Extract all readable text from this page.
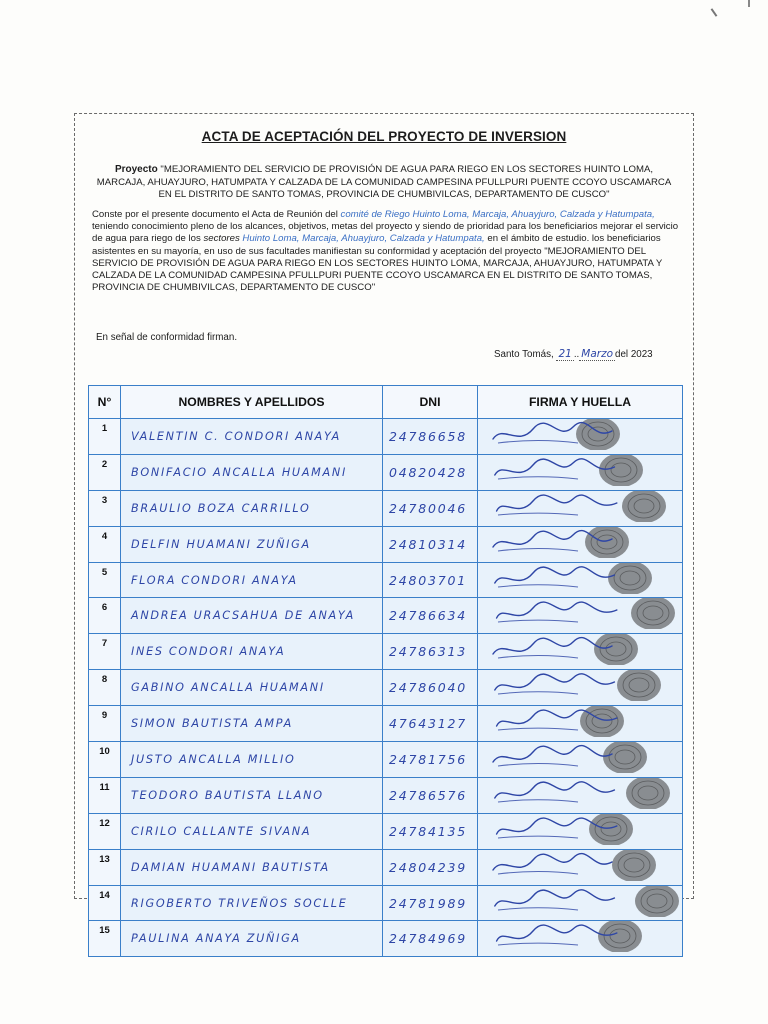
ACTA DE ACEPTACIÓN DEL PROYECTO DE INVERSION
Proyecto "MEJORAMIENTO DEL SERVICIO DE PROVISIÓN DE AGUA PARA RIEGO EN LOS SECTORES HUINTO LOMA, MARCAJA, AHUAYJURO, HATUMPATA Y CALZADA DE LA COMUNIDAD CAMPESINA PFULLPURI PUENTE CCOYO USCAMARCA EN EL DISTRITO DE SANTO TOMAS, PROVINCIA DE CHUMBIVILCAS, DEPARTAMENTO DE CUSCO"
Conste por el presente documento el Acta de Reunión del comité de Riego Huinto Loma, Marcaja, Ahuayjuro, Calzada y Hatumpata, teniendo conocimiento pleno de los alcances, objetivos, metas del proyecto y siendo de prioridad para los beneficiarios mejorar el servicio de agua para riego de los sectores Huinto Loma, Marcaja, Ahuayjuro, Calzada y Hatumpata, en el ámbito de estudio. los beneficiarios asistentes en su mayoría, en uso de sus facultades manifiestan su conformidad y aceptación del proyecto "MEJORAMIENTO DEL SERVICIO DE PROVISIÓN DE AGUA PARA RIEGO EN LOS SECTORES HUINTO LOMA, MARCAJA, AHUAYJURO, HATUMPATA Y CALZADA DE LA COMUNIDAD CAMPESINA PFULLPURI PUENTE CCOYO USCAMARCA EN EL DISTRITO DE SANTO TOMAS, PROVINCIA DE CHUMBIVILCAS, DEPARTAMENTO DE CUSCO"
En señal de conformidad firman.
Santo Tomás, 21 .. Marzo del 2023
N°	NOMBRES Y APELLIDOS	DNI	FIRMA Y HUELLA
1	VALENTIN C. CONDORI ANAYA	24786658	

2	BONIFACIO ANCALLA HUAMANI	04820428	

3	BRAULIO BOZA CARRILLO	24780046	

4	DELFIN HUAMANI ZUÑIGA	24810314	

5	FLORA CONDORI ANAYA	24803701	

6	ANDREA URACSAHUA DE ANAYA	24786634	

7	INES CONDORI ANAYA	24786313	

8	GABINO ANCALLA HUAMANI	24786040	

9	SIMON BAUTISTA AMPA	47643127	

10	JUSTO ANCALLA MILLIO	24781756	

11	TEODORO BAUTISTA LLANO	24786576	

12	CIRILO CALLANTE SIVANA	24784135	

13	DAMIAN HUAMANI BAUTISTA	24804239	

14	RIGOBERTO TRIVEÑOS SOCLLE	24781989	

15	PAULINA ANAYA ZUÑIGA	24784969	
